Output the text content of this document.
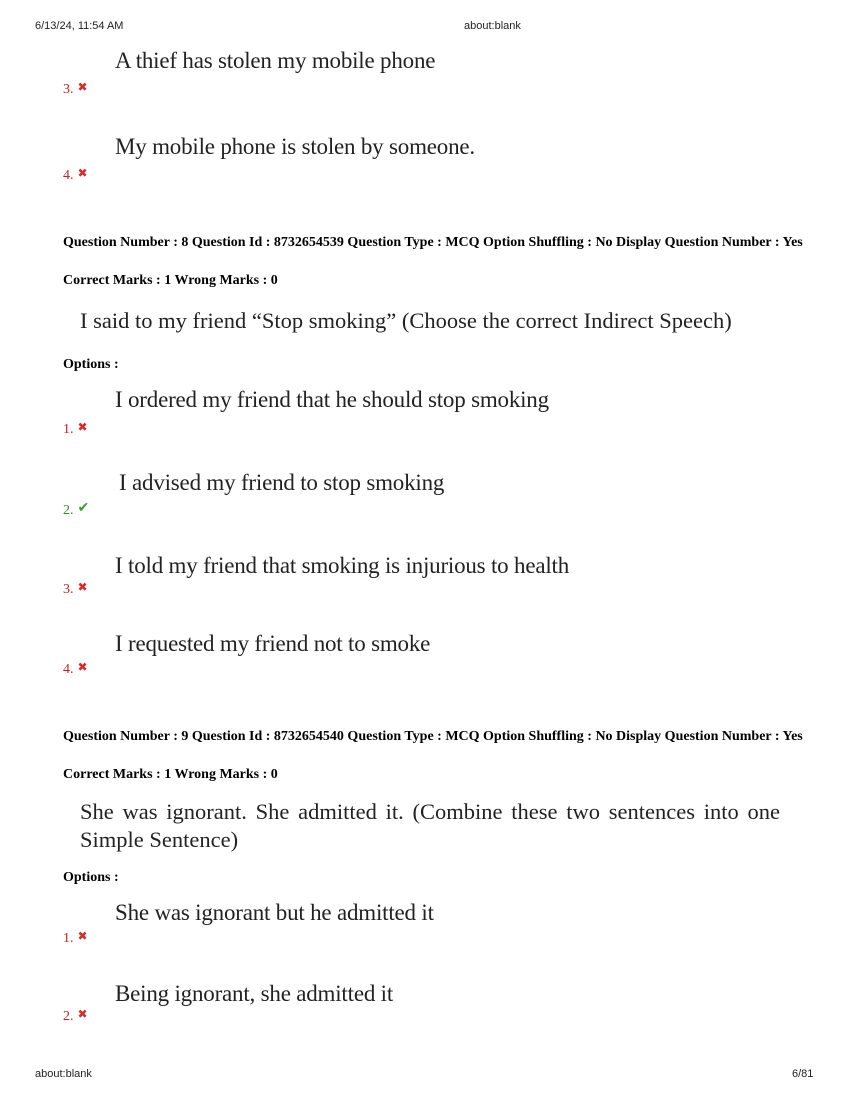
6/13/24, 11:54 AM	about:blank
A thief has stolen my mobile phone
3. ✖
My mobile phone is stolen by someone.
4. ✖
Question Number : 8 Question Id : 8732654539 Question Type : MCQ Option Shuffling : No Display Question Number : Yes
Correct Marks : 1 Wrong Marks : 0
I said to my friend “Stop smoking” (Choose the correct Indirect Speech)
Options :
I ordered my friend that he should stop smoking
1. ✖
I advised my friend to stop smoking
2. ✔
I told my friend that smoking is injurious to health
3. ✖
I requested my friend not to smoke
4. ✖
Question Number : 9 Question Id : 8732654540 Question Type : MCQ Option Shuffling : No Display Question Number : Yes
Correct Marks : 1 Wrong Marks : 0
She was ignorant. She admitted it. (Combine these two sentences into one Simple Sentence)
Options :
She was ignorant but he admitted it
1. ✖
Being ignorant, she admitted it
2. ✖
about:blank	6/81
